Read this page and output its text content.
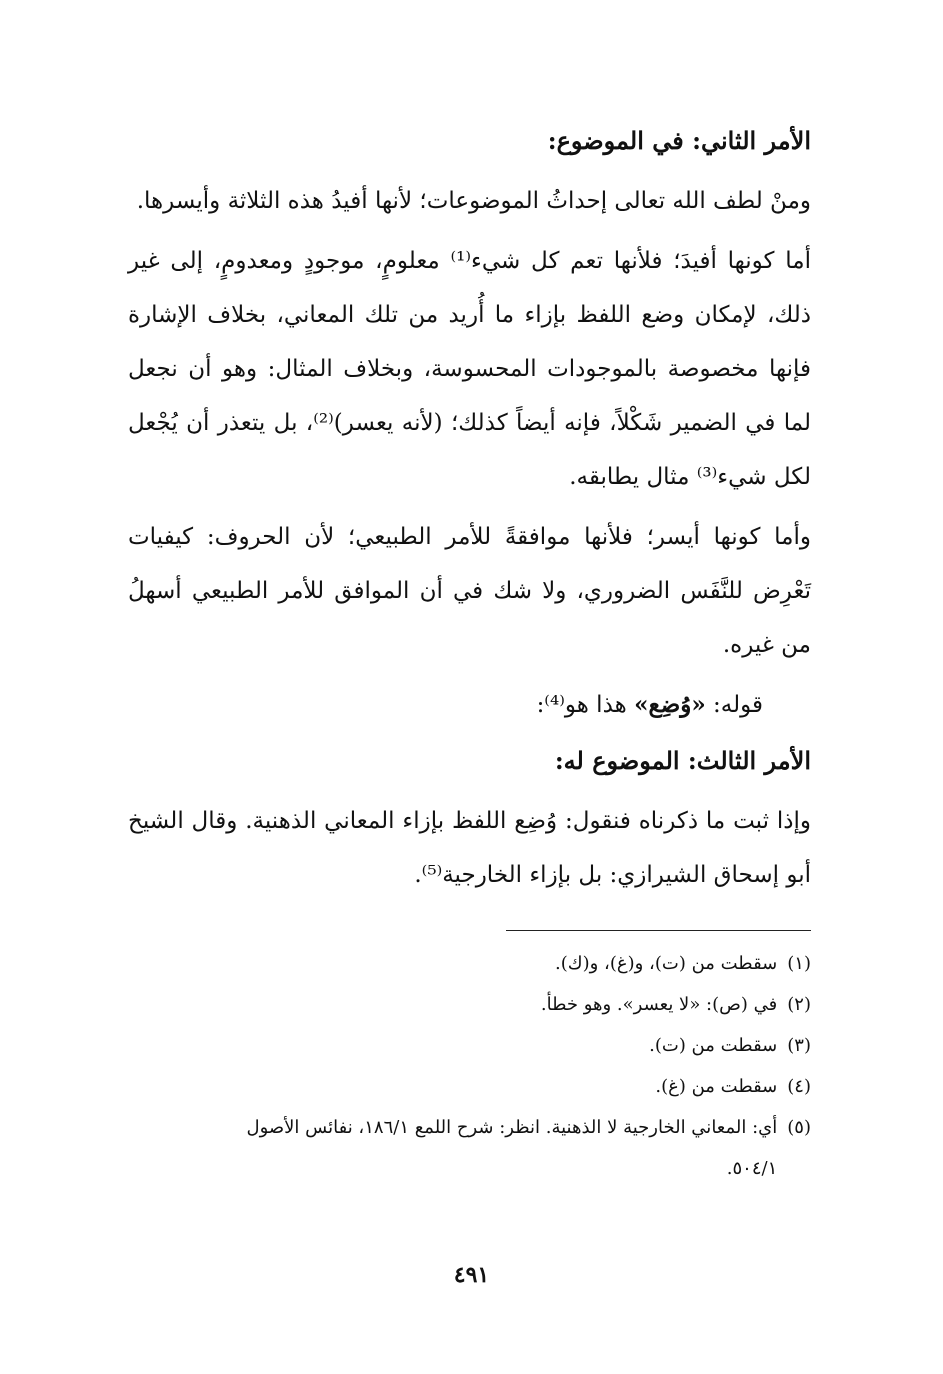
الأمر الثاني: في الموضوع:

ومنْ لطف الله تعالى إحداثُ الموضوعات؛ لأنها أفيدُ هذه الثلاثة وأيسرها.

أما كونها أفيدَ؛ فلأنها تعم كل شيء⁽¹⁾ معلومٍ، موجودٍ ومعدومٍ، إلى غير ذلك، لإمكان وضع اللفظ بإزاء ما أُريد من تلك المعاني، بخلاف الإشارة فإنها مخصوصة بالموجودات المحسوسة، وبخلاف المثال: وهو أن نجعل لما في الضمير شَكْلاً، فإنه أيضاً كذلك؛ (لأنه يعسر)⁽²⁾، بل يتعذر أن يُجْعل لكل شيء⁽³⁾ مثال يطابقه.

وأما كونها أيسر؛ فلأنها موافقةً للأمر الطبيعي؛ لأن الحروف: كيفيات تَعْرِض للنَّفَس الضروري، ولا شك في أن الموافق للأمر الطبيعي أسهلُ من غيره.

قوله: «وُضِع» هذا هو⁽⁴⁾:

الأمر الثالث: الموضوع له:

وإذا ثبت ما ذكرناه فنقول: وُضِع اللفظ بإزاء المعاني الذهنية. وقال الشيخ أبو إسحاق الشيرازي: بل بإزاء الخارجية⁽⁵⁾.

(١)
سقطت من (ت)، و(غ)، و(ك).
(٢)
في (ص): «لا يعسر». وهو خطأ.
(٣)
سقطت من (ت).
(٤)
سقطت من (غ).
(٥)
أي: المعاني الخارجية لا الذهنية. انظر: شرح اللمع ١٨٦/١، نفائس الأصول
٥٠٤/١.
٤٩١
